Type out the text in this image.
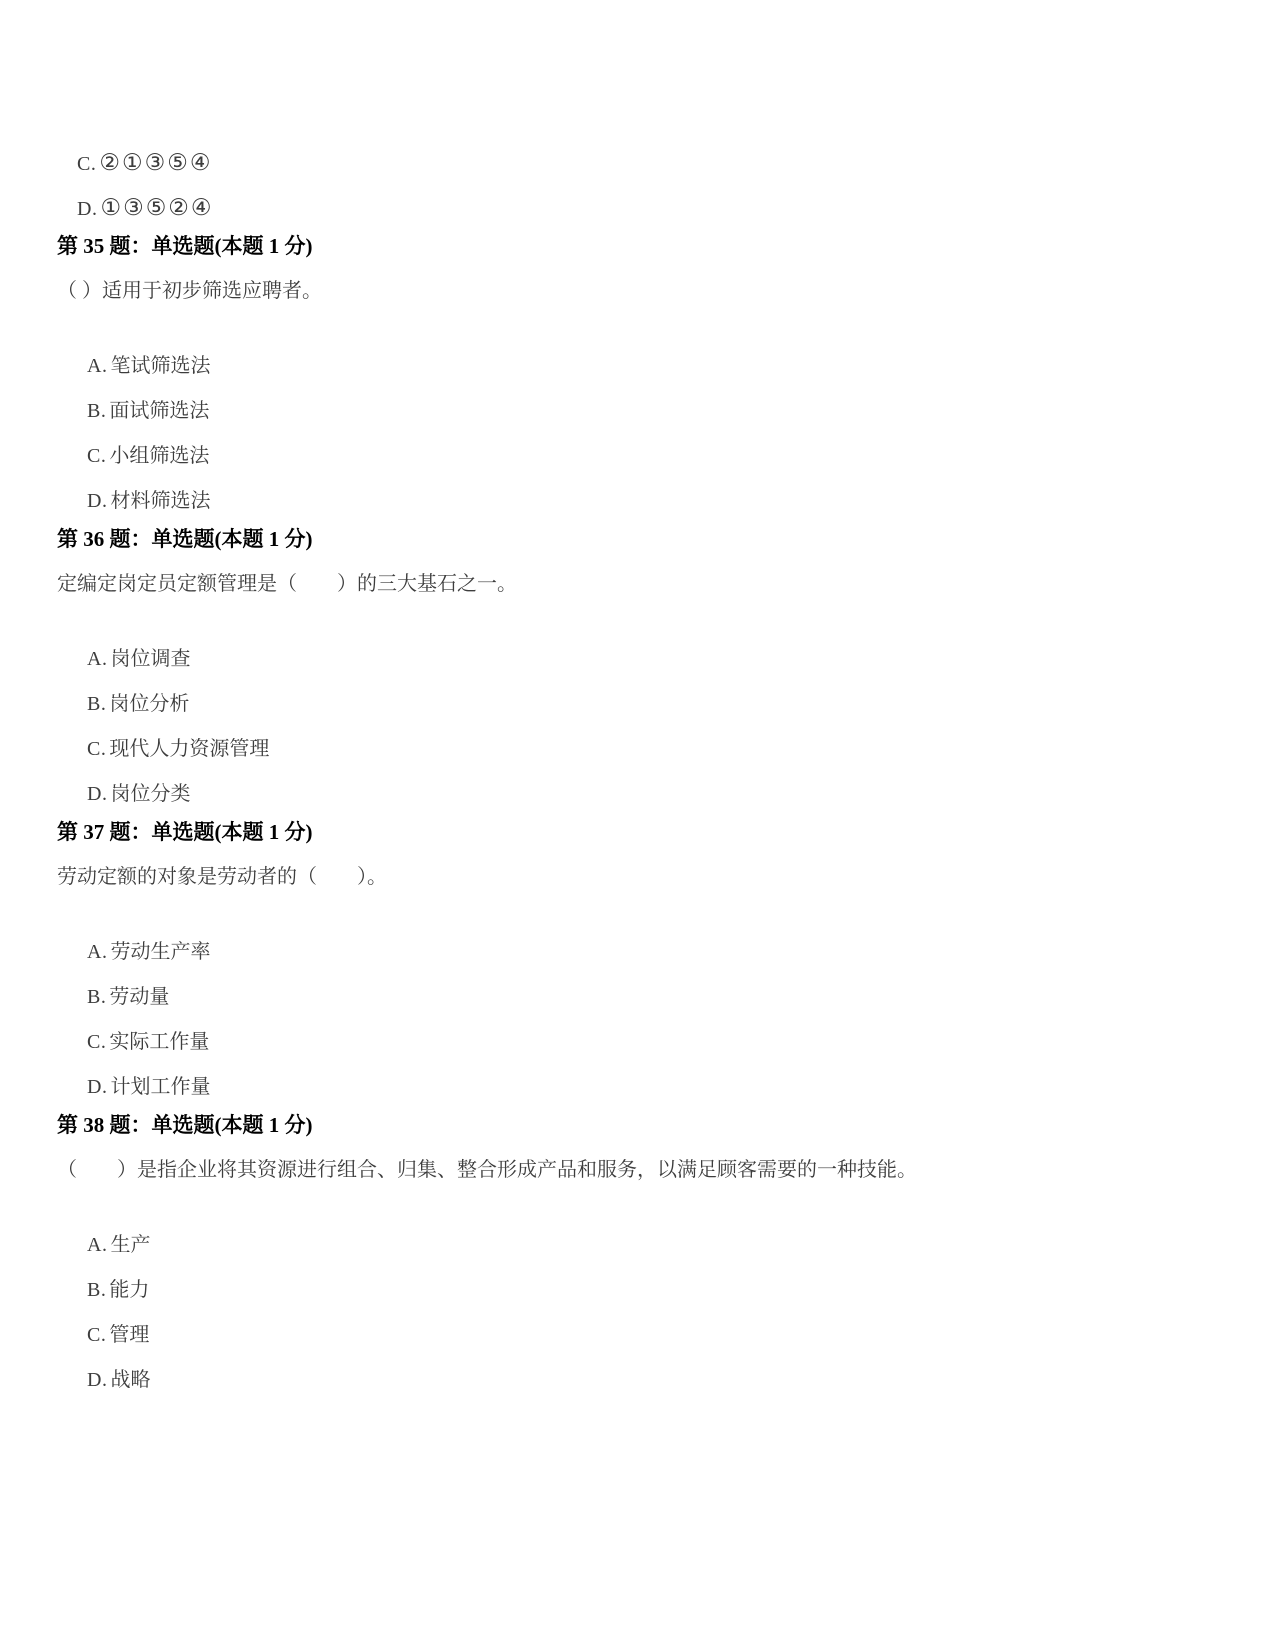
C. ②①③⑤④

D. ①③⑤②④

第 35 题：单选题(本题 1 分)
（ ）适用于初步筛选应聘者。

A. 笔试筛选法

B. 面试筛选法

C. 小组筛选法

D. 材料筛选法

第 36 题：单选题(本题 1 分)
定编定岗定员定额管理是（　　）的三大基石之一。

A. 岗位调查

B. 岗位分析

C. 现代人力资源管理

D. 岗位分类

第 37 题：单选题(本题 1 分)
劳动定额的对象是劳动者的（　　）。

A. 劳动生产率

B. 劳动量

C. 实际工作量

D. 计划工作量

第 38 题：单选题(本题 1 分)
（　　）是指企业将其资源进行组合、归集、整合形成产品和服务，以满足顾客需要的一种技能。

A. 生产

B. 能力

C. 管理

D. 战略
